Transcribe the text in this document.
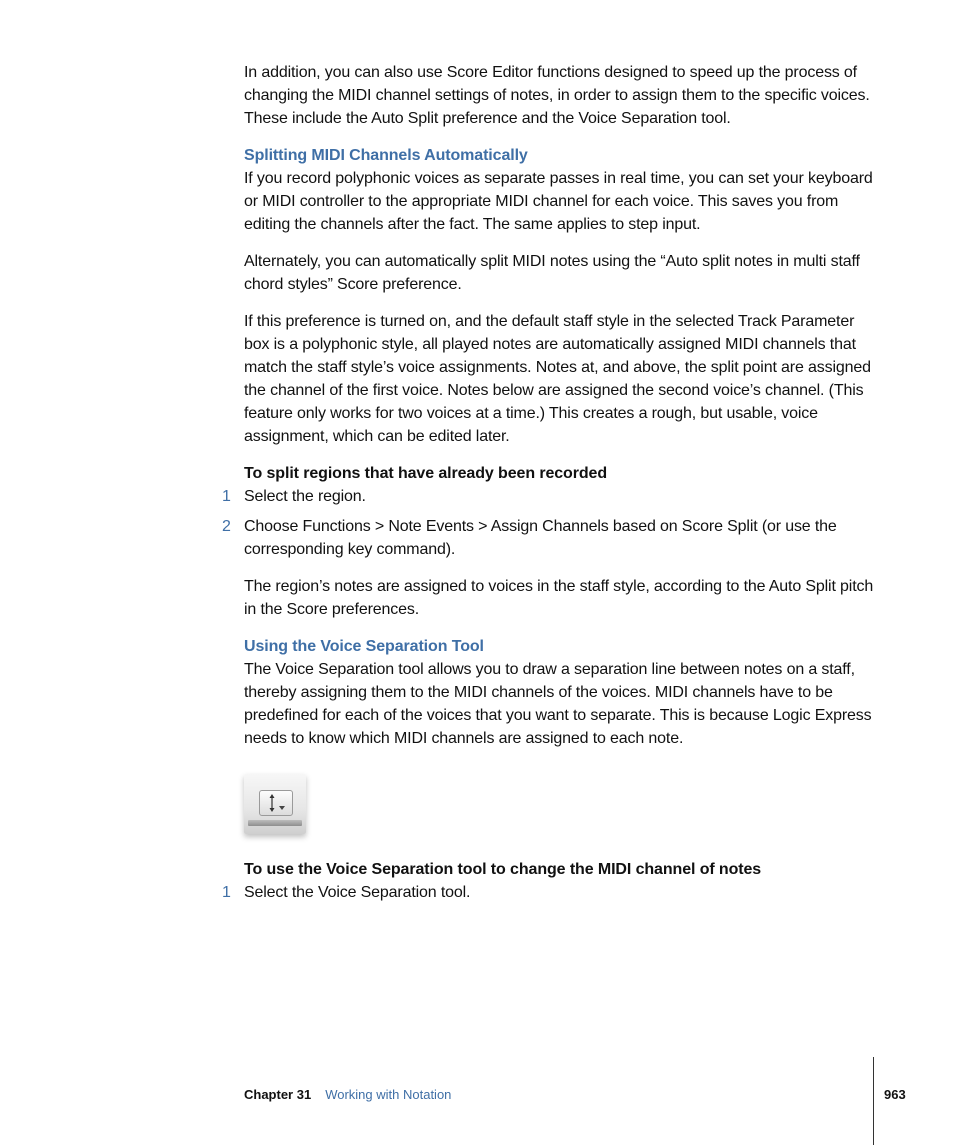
In addition, you can also use Score Editor functions designed to speed up the process of changing the MIDI channel settings of notes, in order to assign them to the specific voices. These include the Auto Split preference and the Voice Separation tool.

Splitting MIDI Channels Automatically

If you record polyphonic voices as separate passes in real time, you can set your keyboard or MIDI controller to the appropriate MIDI channel for each voice. This saves you from editing the channels after the fact. The same applies to step input.

Alternately, you can automatically split MIDI notes using the “Auto split notes in multi staff chord styles” Score preference.

If this preference is turned on, and the default staff style in the selected Track Parameter box is a polyphonic style, all played notes are automatically assigned MIDI channels that match the staff style’s voice assignments. Notes at, and above, the split point are assigned the channel of the first voice. Notes below are assigned the second voice’s channel. (This feature only works for two voices at a time.) This creates a rough, but usable, voice assignment, which can be edited later.

To split regions that have already been recorded
1 Select the region.
2 Choose Functions > Note Events > Assign Channels based on Score Split (or use the corresponding key command).

The region’s notes are assigned to voices in the staff style, according to the Auto Split pitch in the Score preferences.

Using the Voice Separation Tool

The Voice Separation tool allows you to draw a separation line between notes on a staff, thereby assigning them to the MIDI channels of the voices. MIDI channels have to be predefined for each of the voices that you want to separate. This is because Logic Express needs to know which MIDI channels are assigned to each note.

To use the Voice Separation tool to change the MIDI channel of notes
1 Select the Voice Separation tool.
Chapter 31 Working with Notation	963
